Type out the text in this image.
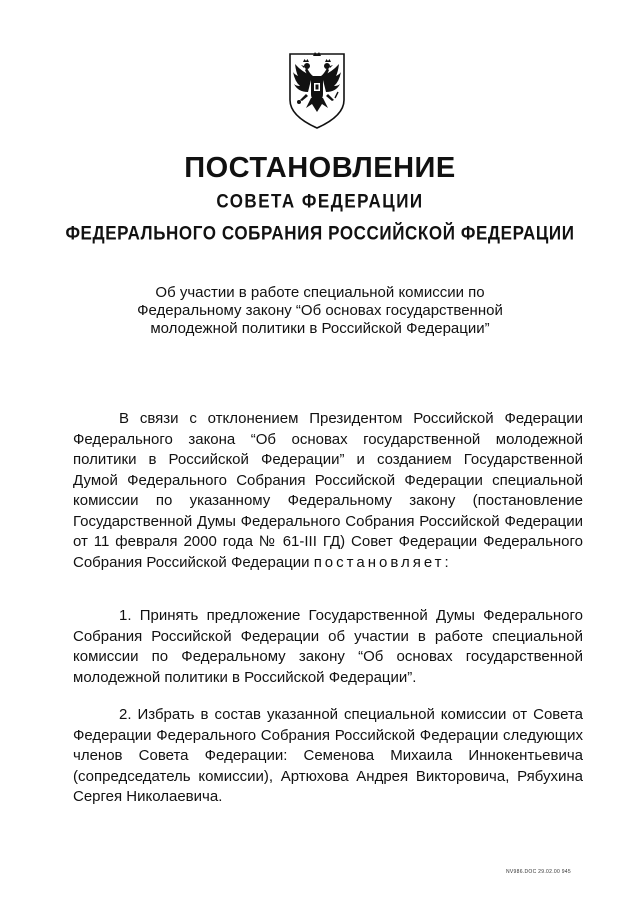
ПОСТАНОВЛЕНИЕ
СОВЕТА ФЕДЕРАЦИИ
ФЕДЕРАЛЬНОГО СОБРАНИЯ РОССИЙСКОЙ ФЕДЕРАЦИИ
Об участии в работе специальной комиссии по
Федеральному закону “Об основах государственной
молодежной политики в Российской Федерации”

В связи с отклонением Президентом Российской Федерации Федерального закона “Об основах государственной молодежной политики в Российской Федерации” и созданием Государственной Думой Федерального Собрания Российской Федерации специальной комиссии по указанному Федеральному закону (постановление Государственной Думы Федерального Собрания Российской Федерации от 11 февраля 2000 года № 61-III ГД) Совет Федерации Федерального Собрания Российской Федерации постановляет:

1. Принять предложение Государственной Думы Федерального Собрания Российской Федерации об участии в работе специальной комиссии по Федеральному закону “Об основах государственной молодежной политики в Российской Федерации”.

2. Избрать в состав указанной специальной комиссии от Совета Федерации Федерального Собрания Российской Федерации следующих членов Совета Федерации: Семенова Михаила Иннокентьевича (сопредседатель комиссии), Артюхова Андрея Викторовича, Рябухина Сергея Николаевича.

NV986.DOC 29.02.00 945
